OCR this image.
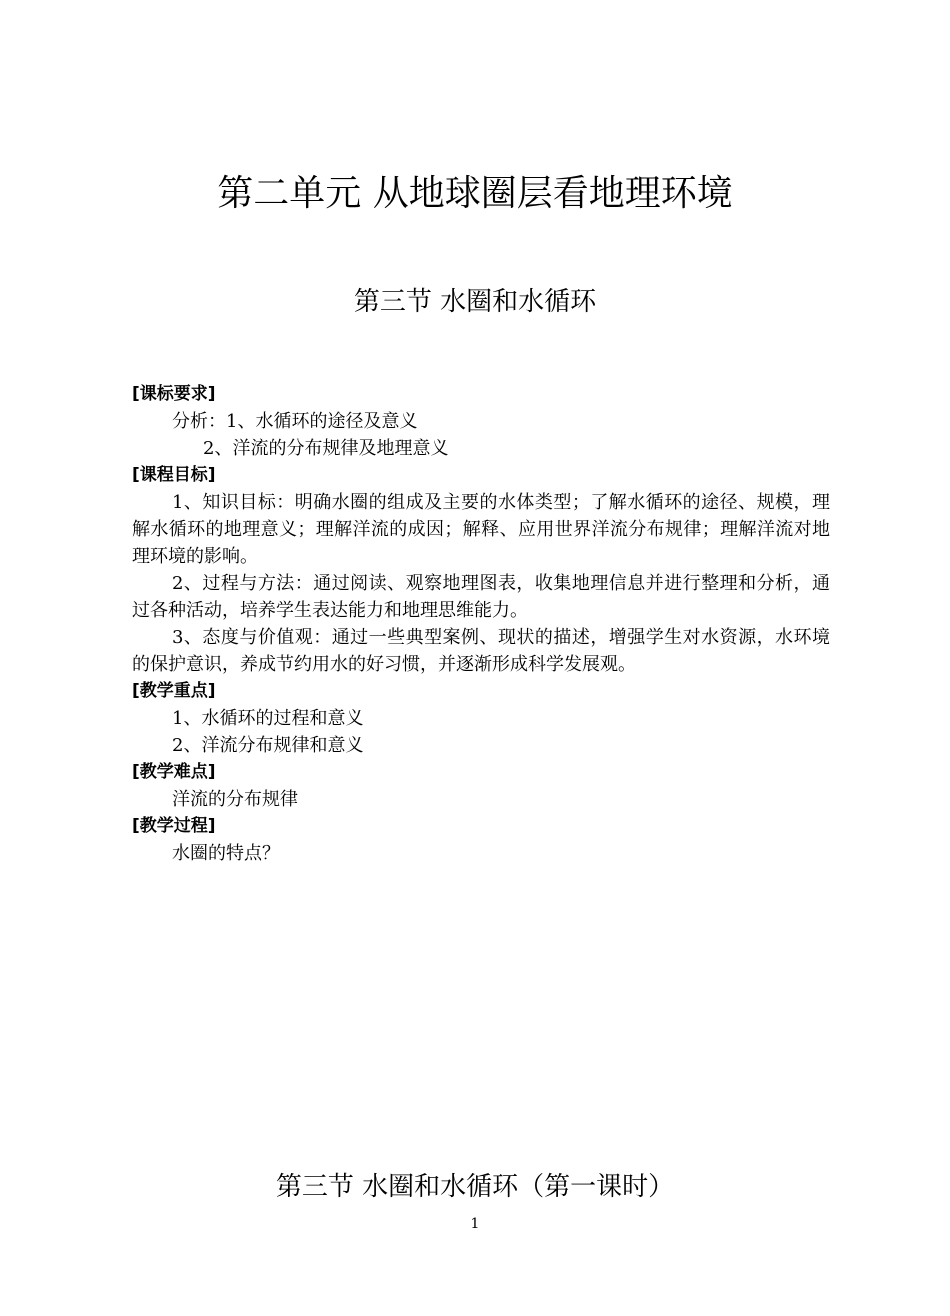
第二单元 从地球圈层看地理环境
第三节 水圈和水循环
[课标要求]
分析：1、水循环的途径及意义
2、洋流的分布规律及地理意义
[课程目标]
1、知识目标：明确水圈的组成及主要的水体类型；了解水循环的途径、规模，理解水循环的地理意义；理解洋流的成因；解释、应用世界洋流分布规律；理解洋流对地理环境的影响。
2、过程与方法：通过阅读、观察地理图表，收集地理信息并进行整理和分析，通过各种活动，培养学生表达能力和地理思维能力。
3、态度与价值观：通过一些典型案例、现状的描述，增强学生对水资源，水环境的保护意识，养成节约用水的好习惯，并逐渐形成科学发展观。
[教学重点]
1、水循环的过程和意义
2、洋流分布规律和意义
[教学难点]
洋流的分布规律
[教学过程]
水圈的特点？
第三节 水圈和水循环（第一课时）
1
